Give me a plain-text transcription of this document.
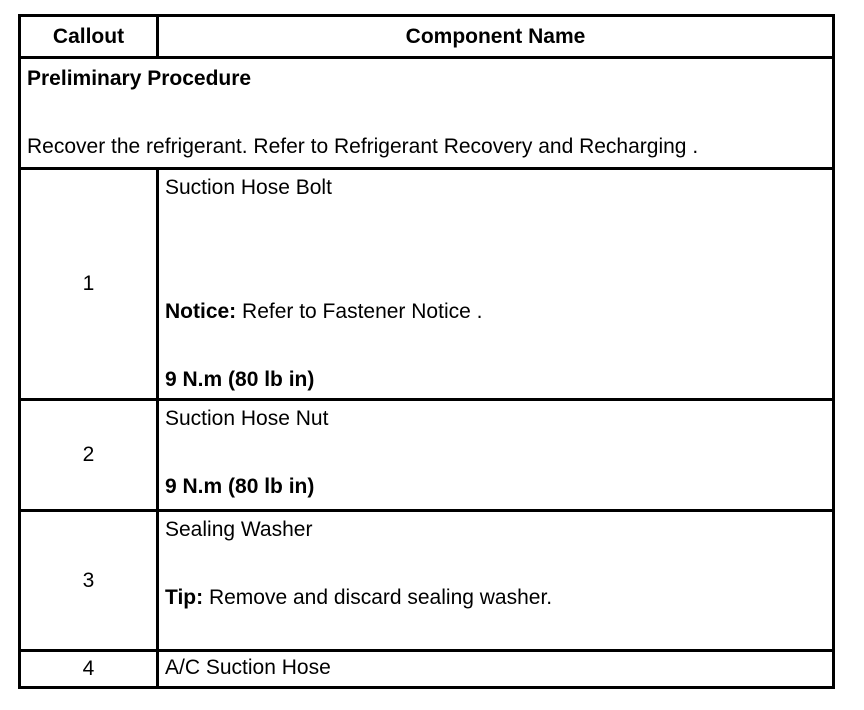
Callout	Component Name

Preliminary Procedure
Recover the refrigerant. Refer to Refrigerant Recovery and Recharging .	

1	Suction Hose Bolt
Notice: Refer to Fastener Notice .
9 N.m (80 lb in)

2	Suction Hose Nut
9 N.m (80 lb in)

3	Sealing Washer
Tip: Remove and discard sealing washer.

4	A/C Suction Hose
